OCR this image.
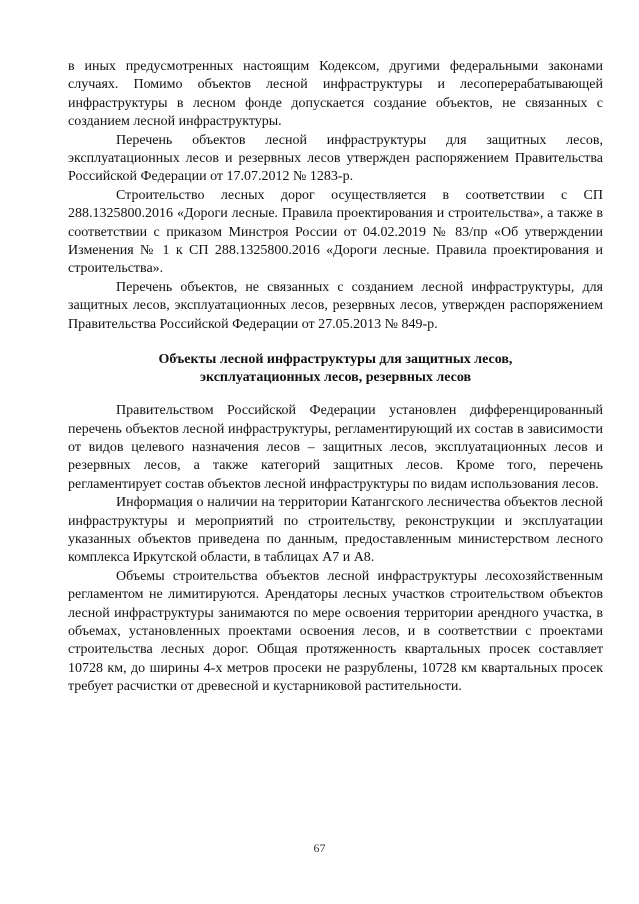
в иных предусмотренных настоящим Кодексом, другими федеральными законами случаях. Помимо объектов лесной инфраструктуры и лесоперерабатывающей инфраструктуры в лесном фонде допускается создание объектов, не связанных с созданием лесной инфраструктуры.

Перечень объектов лесной инфраструктуры для защитных лесов, эксплуатационных лесов и резервных лесов утвержден распоряжением Правительства Российской Федерации от 17.07.2012 № 1283-р.

Строительство лесных дорог осуществляется в соответствии с СП 288.1325800.2016 «Дороги лесные. Правила проектирования и строительства», а также в соответствии с приказом Минстроя России от 04.02.2019 № 83/пр «Об утверждении Изменения № 1 к СП 288.1325800.2016 «Дороги лесные. Правила проектирования и строительства».

Перечень объектов, не связанных с созданием лесной инфраструктуры, для защитных лесов, эксплуатационных лесов, резервных лесов, утвержден распоряжением Правительства Российской Федерации от 27.05.2013 № 849-р.

Объекты лесной инфраструктуры для защитных лесов,
эксплуатационных лесов, резервных лесов

Правительством Российской Федерации установлен дифференцированный перечень объектов лесной инфраструктуры, регламентирующий их состав в зависимости от видов целевого назначения лесов – защитных лесов, эксплуатационных лесов и резервных лесов, а также категорий защитных лесов. Кроме того, перечень регламентирует состав объектов лесной инфраструктуры по видам использования лесов.

Информация о наличии на территории Катангского лесничества объектов лесной инфраструктуры и мероприятий по строительству, реконструкции и эксплуатации указанных объектов приведена по данным, предоставленным министерством лесного комплекса Иркутской области, в таблицах А7 и А8.

Объемы строительства объектов лесной инфраструктуры лесохозяйственным регламентом не лимитируются. Арендаторы лесных участков строительством объектов лесной инфраструктуры занимаются по мере освоения территории арендного участка, в объемах, установленных проектами освоения лесов, и в соответствии с проектами строительства лесных дорог. Общая протяженность квартальных просек составляет 10728 км, до ширины 4-х метров просеки не разрублены, 10728 км квартальных просек требует расчистки от древесной и кустарниковой растительности.

67
